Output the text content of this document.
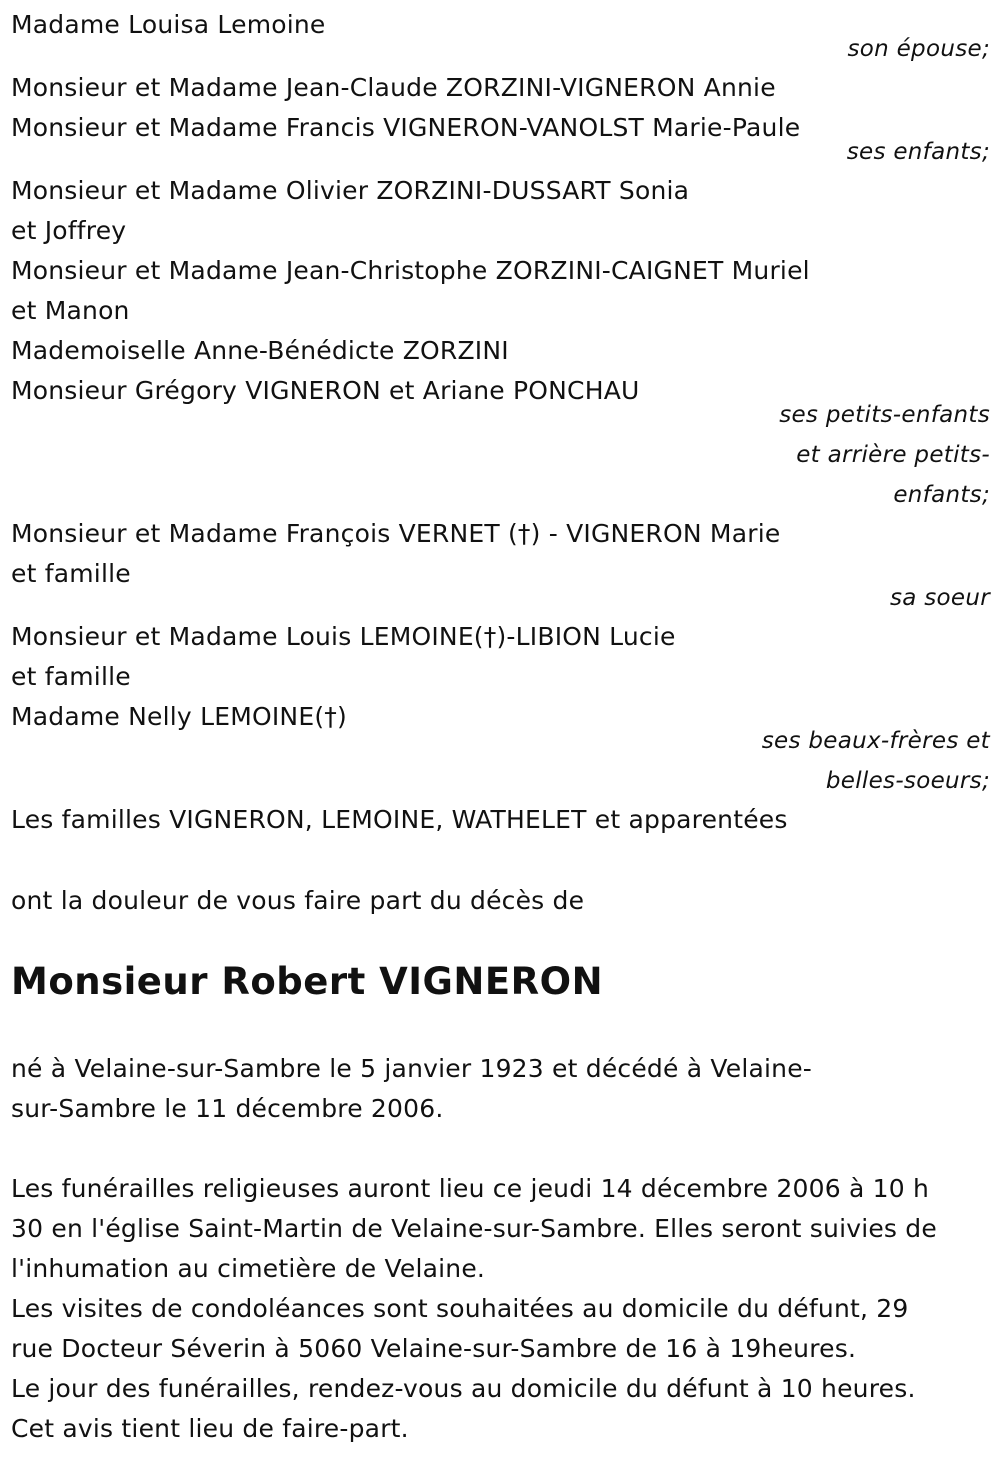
Madame Louisa Lemoine
son épouse;
Monsieur et Madame Jean-Claude ZORZINI-VIGNERON Annie
Monsieur et Madame Francis VIGNERON-VANOLST Marie-Paule
ses enfants;
Monsieur et Madame Olivier ZORZINI-DUSSART Sonia
et Joffrey
Monsieur et Madame Jean-Christophe ZORZINI-CAIGNET Muriel
et Manon
Mademoiselle Anne-Bénédicte ZORZINI
Monsieur Grégory VIGNERON et Ariane PONCHAU
ses petits-enfants
et arrière petits-
enfants;
Monsieur et Madame François VERNET (†) - VIGNERON Marie
et famille
sa soeur
Monsieur et Madame Louis LEMOINE(†)-LIBION Lucie
et famille
Madame Nelly LEMOINE(†)
ses beaux-frères et
belles-soeurs;
Les familles VIGNERON, LEMOINE, WATHELET et apparentées
ont la douleur de vous faire part du décès de
Monsieur Robert VIGNERON
né à Velaine-sur-Sambre le 5 janvier 1923 et décédé à Velaine-
sur-Sambre le 11 décembre 2006.
Les funérailles religieuses auront lieu ce jeudi 14 décembre 2006 à 10 h
30 en l'église Saint-Martin de Velaine-sur-Sambre. Elles seront suivies de
l'inhumation au cimetière de Velaine.
Les visites de condoléances sont souhaitées au domicile du défunt, 29
rue Docteur Séverin à 5060 Velaine-sur-Sambre de 16 à 19heures.
Le jour des funérailles, rendez-vous au domicile du défunt à 10 heures.
Cet avis tient lieu de faire-part.
